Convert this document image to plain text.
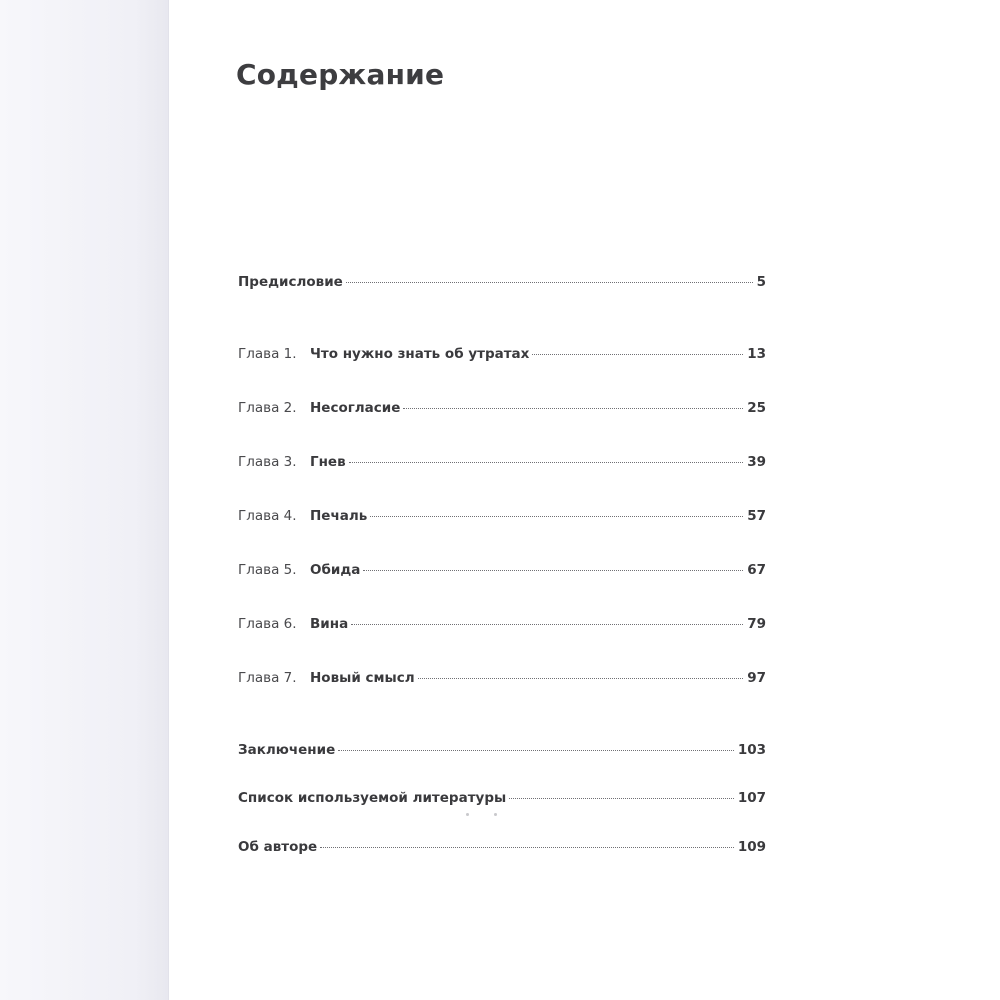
Содержание
Предисловие	5
Глава 1. Что нужно знать об утратах	13
Глава 2. Несогласие	25
Глава 3. Гнев	39
Глава 4. Печаль	57
Глава 5. Обида	67
Глава 6. Вина	79
Глава 7. Новый смысл	97
Заключение	103
Список используемой литературы	107
Об авторе	109
